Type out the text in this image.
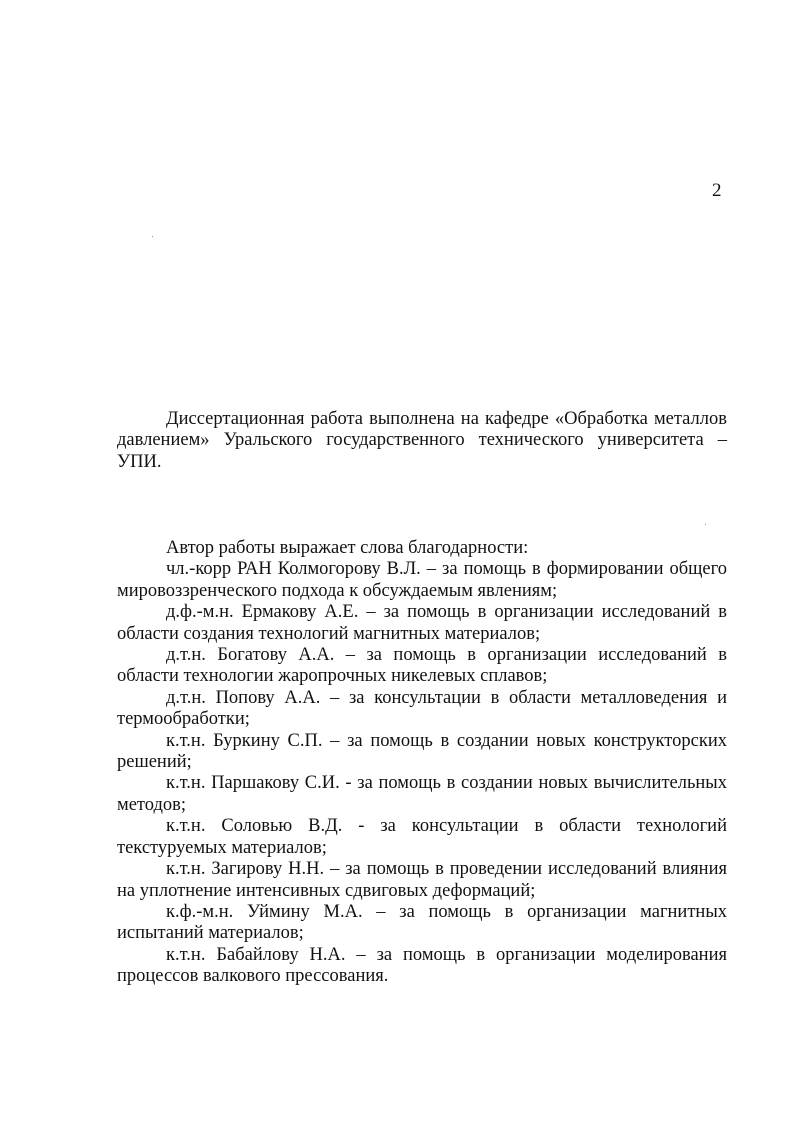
2
Диссертационная работа выполнена на кафедре «Обработка металлов
давлением» Уральского государственного технического университета –
УПИ.

Автор работы выражает слова благодарности:

чл.-корр РАН Колмогорову В.Л. – за помощь в формировании общего
мировоззренческого подхода к обсуждаемым явлениям;
д.ф.-м.н. Ермакову А.Е. – за помощь в организации исследований в
области создания технологий магнитных материалов;
д.т.н. Богатову А.А. – за помощь в организации исследований в
области технологии жаропрочных никелевых сплавов;
д.т.н. Попову А.А. – за консультации в области металловедения и
термообработки;
к.т.н. Буркину С.П. – за помощь в создании новых конструкторских
решений;
к.т.н. Паршакову С.И. - за помощь в создании новых вычислительных
методов;
к.т.н. Соловью В.Д. - за консультации в области технологий
текстуруемых материалов;
к.т.н. Загирову Н.Н. – за помощь в проведении исследований влияния
на уплотнение интенсивных сдвиговых деформаций;
к.ф.-м.н. Уймину М.А. – за помощь в организации магнитных
испытаний материалов;
к.т.н. Бабайлову Н.А. – за помощь в организации моделирования
процессов валкового прессования.
